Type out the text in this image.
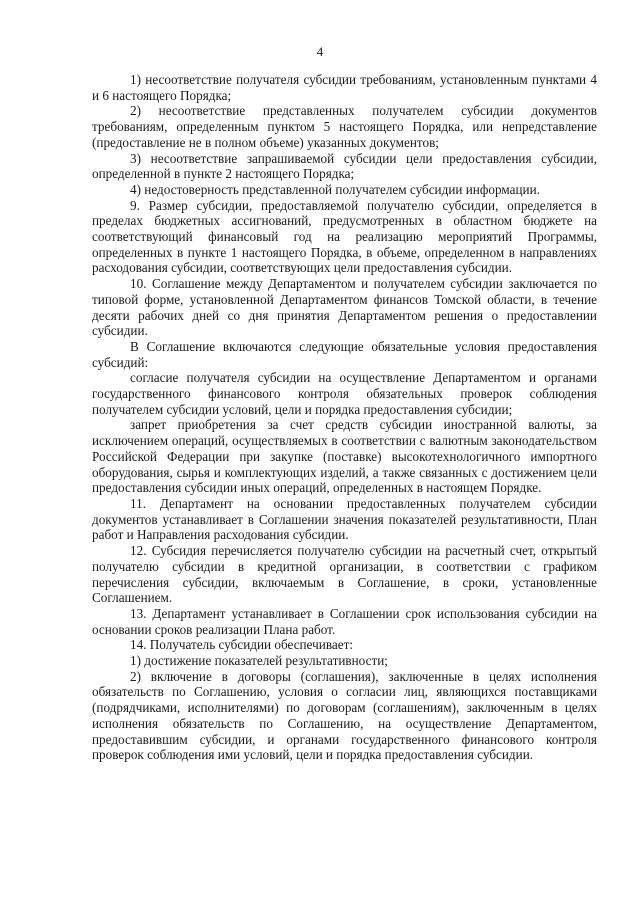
4

1) несоответствие получателя субсидии требованиям, установленным пунктами 4 и 6 настоящего Порядка;

2) несоответствие представленных получателем субсидии документов требованиям, определенным пунктом 5 настоящего Порядка, или непредставление (предоставление не в полном объеме) указанных документов;

3) несоответствие запрашиваемой субсидии цели предоставления субсидии, определенной в пункте 2 настоящего Порядка;

4) недостоверность представленной получателем субсидии информации.

9. Размер субсидии, предоставляемой получателю субсидии, определяется в пределах бюджетных ассигнований, предусмотренных в областном бюджете на соответствующий финансовый год на реализацию мероприятий Программы, определенных в пункте 1 настоящего Порядка, в объеме, определенном в направлениях расходования субсидии, соответствующих цели предоставления субсидии.

10. Соглашение между Департаментом и получателем субсидии заключается по типовой форме, установленной Департаментом финансов Томской области, в течение десяти рабочих дней со дня принятия Департаментом решения о предоставлении субсидии.

В Соглашение включаются следующие обязательные условия предоставления субсидий:

согласие получателя субсидии на осуществление Департаментом и органами государственного финансового контроля обязательных проверок соблюдения получателем субсидии условий, цели и порядка предоставления субсидии;

запрет приобретения за счет средств субсидии иностранной валюты, за исключением операций, осуществляемых в соответствии с валютным законодательством Российской Федерации при закупке (поставке) высокотехнологичного импортного оборудования, сырья и комплектующих изделий, а также связанных с достижением цели предоставления субсидии иных операций, определенных в настоящем Порядке.

11. Департамент на основании предоставленных получателем субсидии документов устанавливает в Соглашении значения показателей результативности, План работ и Направления расходования субсидии.

12. Субсидия перечисляется получателю субсидии на расчетный счет, открытый получателю субсидии в кредитной организации, в соответствии с графиком перечисления субсидии, включаемым в Соглашение, в сроки, установленные Соглашением.

13. Департамент устанавливает в Соглашении срок использования субсидии на основании сроков реализации Плана работ.

14. Получатель субсидии обеспечивает:

1) достижение показателей результативности;

2) включение в договоры (соглашения), заключенные в целях исполнения обязательств по Соглашению, условия о согласии лиц, являющихся поставщиками (подрядчиками, исполнителями) по договорам (соглашениям), заключенным в целях исполнения обязательств по Соглашению, на осуществление Департаментом, предоставившим субсидии, и органами государственного финансового контроля проверок соблюдения ими условий, цели и порядка предоставления субсидии.
